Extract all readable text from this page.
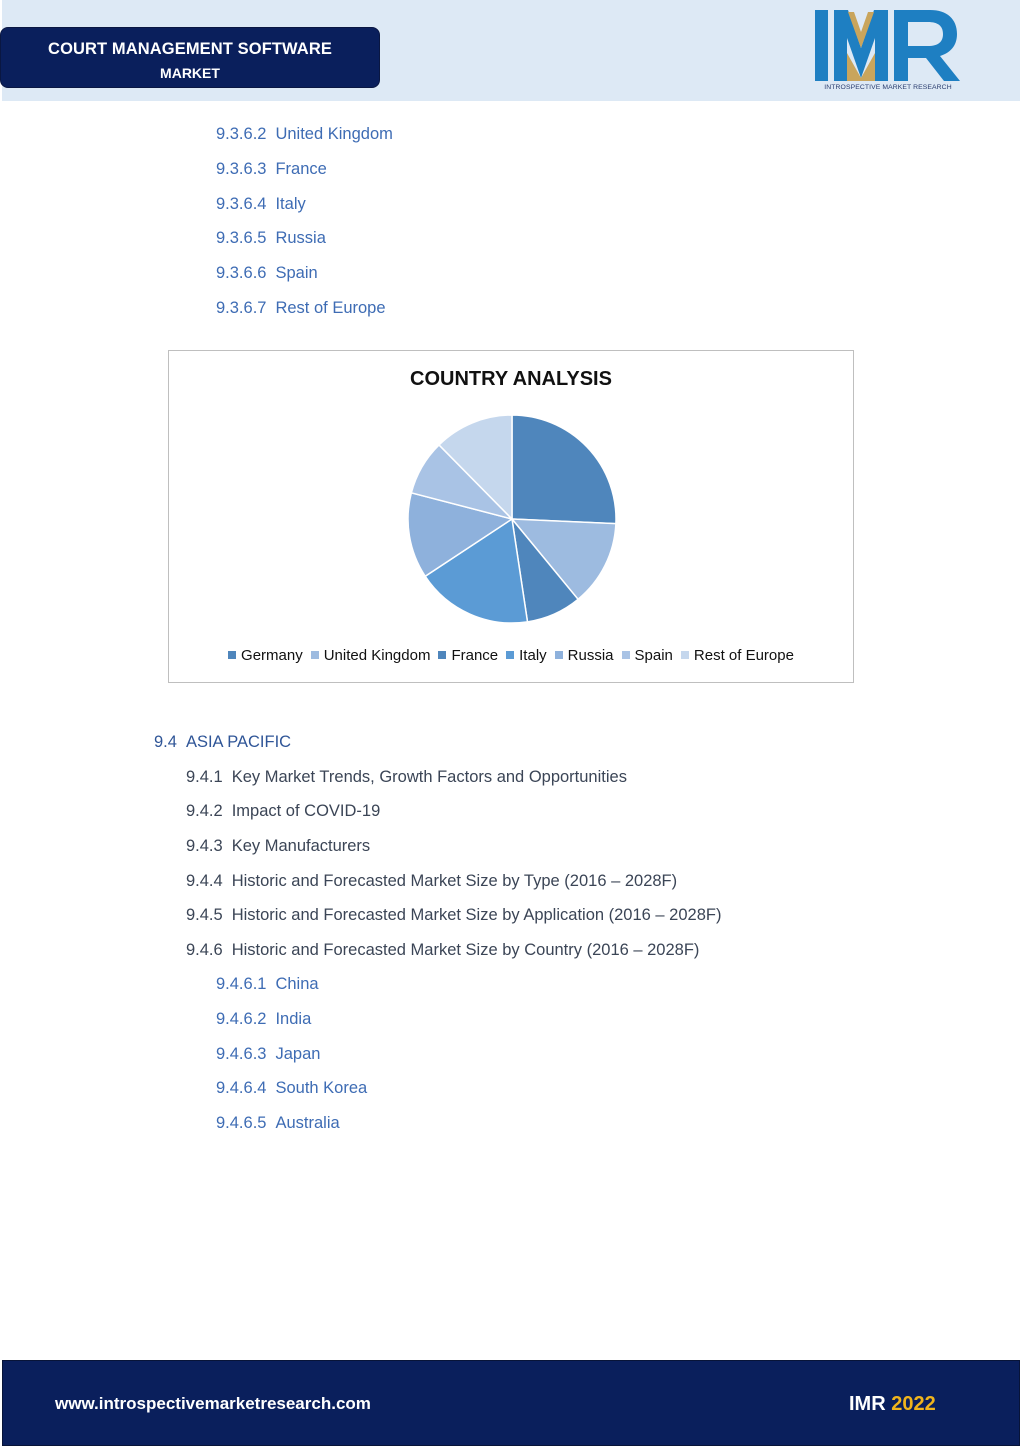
COURT MANAGEMENT SOFTWARE
MARKET
INTROSPECTIVE MARKET RESEARCH
9.3.6.2 United Kingdom
9.3.6.3 France
9.3.6.4 Italy
9.3.6.5 Russia
9.3.6.6 Spain
9.3.6.7 Rest of Europe
COUNTRY ANALYSIS
Germany United Kingdom France Italy Russia Spain Rest of Europe
9.4 ASIA PACIFIC
9.4.1 Key Market Trends, Growth Factors and Opportunities
9.4.2 Impact of COVID-19
9.4.3 Key Manufacturers
9.4.4 Historic and Forecasted Market Size by Type (2016 – 2028F)
9.4.5 Historic and Forecasted Market Size by Application (2016 – 2028F)
9.4.6 Historic and Forecasted Market Size by Country (2016 – 2028F)
9.4.6.1 China
9.4.6.2 India
9.4.6.3 Japan
9.4.6.4 South Korea
9.4.6.5 Australia
www.introspectivemarketresearch.com	IMR 2022
